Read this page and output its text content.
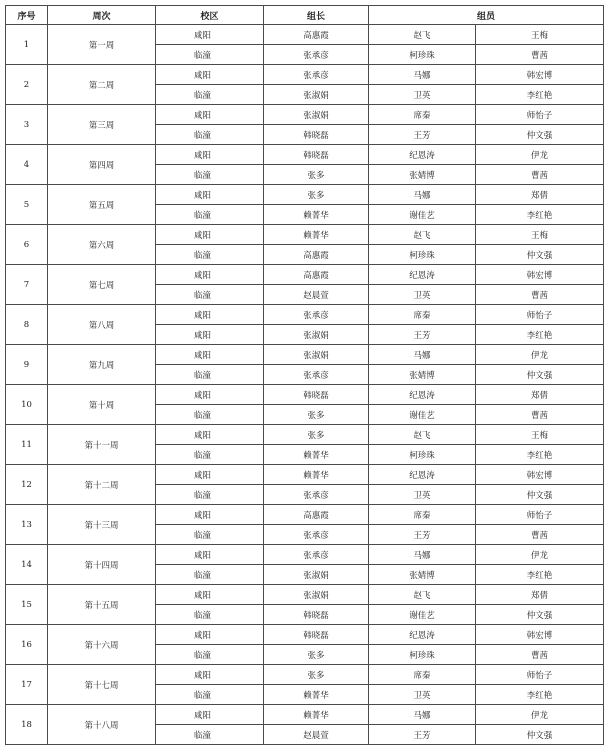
序号	周次	校区	组长	组员	
1	第一周	咸阳	高惠霞	赵飞	王梅
		临潼	张承彦	柯珍珠	曹茜
2	第二周	咸阳	张承彦	马娜	韩宏博
		临潼	张淑娟	卫英	李红艳
3	第三周	咸阳	张淑娟	席秦	师怡子
		临潼	韩晓磊	王芳	仲文强
4	第四周	咸阳	韩晓磊	纪恩涛	伊龙
		临潼	张多	张婧博	曹茜
5	第五周	咸阳	张多	马娜	郑倩
		临潼	赖菁华	谢佳艺	李红艳
6	第六周	咸阳	赖菁华	赵飞	王梅
		临潼	高惠霞	柯珍珠	仲文强
7	第七周	咸阳	高惠霞	纪恩涛	韩宏博
		临潼	赵晨萱	卫英	曹茜
8	第八周	咸阳	张承彦	席秦	师怡子
		咸阳	张淑娟	王芳	李红艳
9	第九周	咸阳	张淑娟	马娜	伊龙
		临潼	张承彦	张婧博	仲文强
10	第十周	咸阳	韩晓磊	纪恩涛	郑倩
		临潼	张多	谢佳艺	曹茜
11	第十一周	咸阳	张多	赵飞	王梅
		临潼	赖菁华	柯珍珠	李红艳
12	第十二周	咸阳	赖菁华	纪恩涛	韩宏博
		临潼	张承彦	卫英	仲文强
13	第十三周	咸阳	高惠霞	席秦	师怡子
		临潼	张承彦	王芳	曹茜
14	第十四周	咸阳	张承彦	马娜	伊龙
		临潼	张淑娟	张婧博	李红艳
15	第十五周	咸阳	张淑娟	赵飞	郑倩
		临潼	韩晓磊	谢佳艺	仲文强
16	第十六周	咸阳	韩晓磊	纪恩涛	韩宏博
		临潼	张多	柯珍珠	曹茜
17	第十七周	咸阳	张多	席秦	师怡子
		临潼	赖菁华	卫英	李红艳
18	第十八周	咸阳	赖菁华	马娜	伊龙
		临潼	赵晨萱	王芳	仲文强
